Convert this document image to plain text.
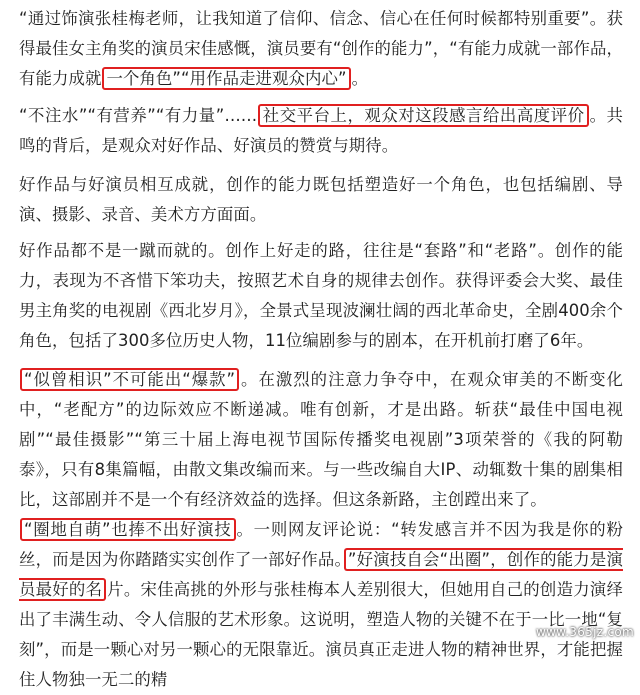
“通过饰演张桂梅老师，让我知道了信仰、信念、信心在任何时候都特别重要”。获得最佳女主角奖的演员宋佳感慨，演员要有“创作的能力”，“有能力成就一部作品，有能力成就 一个角色”“用作品走进观众内心” 。

“不注水”“有营养”“有力量”…… 社交平台上，观众对这段感言给出高度评价 。共鸣的背后，是观众对好作品、好演员的赞赏与期待。

好作品与好演员相互成就，创作的能力既包括塑造好一个角色，也包括编剧、导演、摄影、录音、美术方方面面。

好作品都不是一蹴而就的。创作上好走的路，往往是“套路”和“老路”。创作的能力，表现为不吝惜下笨功夫，按照艺术自身的规律去创作。获得评委会大奖、最佳男主角奖的电视剧《西北岁月》，全景式呈现波澜壮阔的西北革命史，全剧400余个角色，包括了300多位历史人物，11位编剧参与的剧本，在开机前打磨了6年。

“似曾相识”不可能出“爆款” 。在激烈的注意力争夺中，在观众审美的不断变化中，“老配方”的边际效应不断递减。唯有创新，才是出路。斩获“最佳中国电视剧”“最佳摄影”“第三十届上海电视节国际传播奖电视剧”3项荣誉的《我的阿勒泰》，只有8集篇幅，由散文集改编而来。与一些改编自大IP、动辄数十集的剧集相比，这部剧并不是一个有经济效益的选择。但这条新路，主创蹚出来了。

“圈地自萌”也捧不出好演技 。一则网友评论说：“转发感言并不因为我是你的粉丝，而是因为你踏踏实实创作了一部好作品。 ”好演技自会“出圈”，创作的能力是演员最好的名 片。宋佳高挑的外形与张桂梅本人差别很大，但她用自己的创造力演绎出了丰满生动、令人信服的艺术形象。这说明，塑造人物的关键不在于一比一地“复刻”，而是一颗心对另一颗心的无限靠近。演员真正走进人物的精神世界，才能把握住人物独一无二的精

www.365jz.com
